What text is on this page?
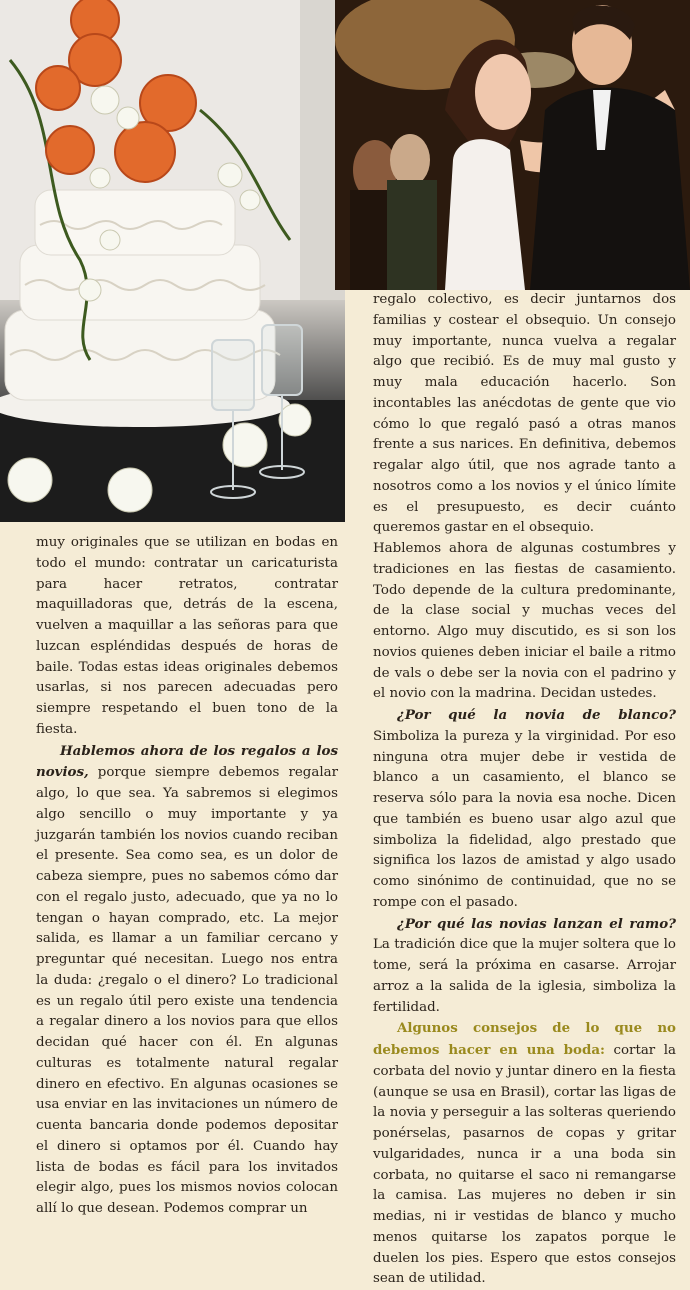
muy originales que se utilizan en bodas en todo el mundo: contratar un caricaturista para hacer retratos, contratar maquilladoras que, detrás de la escena, vuelven a maquillar a las señoras para que luzcan espléndidas después de horas de baile. Todas estas ideas originales debemos usarlas, si nos parecen adecuadas pero siempre respetando el buen tono de la fiesta.

Hablemos ahora de los regalos a los novios, porque siempre debemos regalar algo, lo que sea. Ya sabremos si elegimos algo sencillo o muy importante y ya juzgarán también los novios cuando reciban el presente. Sea como sea, es un dolor de cabeza siempre, pues no sabemos cómo dar con el regalo justo, adecuado, que ya no lo tengan o hayan comprado, etc. La mejor salida, es llamar a un familiar cercano y preguntar qué necesitan. Luego nos entra la duda: ¿regalo o el dinero? Lo tradicional es un regalo útil pero existe una tendencia a regalar dinero a los novios para que ellos decidan qué hacer con él. En algunas culturas es totalmente natural regalar dinero en efectivo. En algunas ocasiones se usa enviar en las invitaciones un número de cuenta bancaria donde podemos depositar el dinero si optamos por él. Cuando hay lista de bodas es fácil para los invitados elegir algo, pues los mismos novios colocan allí lo que desean. Podemos comprar un

regalo colectivo, es decir juntarnos dos familias y costear el obsequio. Un consejo muy importante, nunca vuelva a regalar algo que recibió. Es de muy mal gusto y muy mala educación hacerlo. Son incontables las anécdotas de gente que vio cómo lo que regaló pasó a otras manos frente a sus narices. En definitiva, debemos regalar algo útil, que nos agrade tanto a nosotros como a los novios y el único límite es el presupuesto, es decir cuánto queremos gastar en el obsequio.

Hablemos ahora de algunas costumbres y tradiciones en las fiestas de casamiento. Todo depende de la cultura predominante, de la clase social y muchas veces del entorno. Algo muy discutido, es si son los novios quienes deben iniciar el baile a ritmo de vals o debe ser la novia con el padrino y el novio con la madrina. Decidan ustedes.

¿Por qué la novia de blanco? Simboliza la pureza y la virginidad. Por eso ninguna otra mujer debe ir vestida de blanco a un casamiento, el blanco se reserva sólo para la novia esa noche. Dicen que también es bueno usar algo azul que simboliza la fidelidad, algo prestado que significa los lazos de amistad y algo usado como sinónimo de continuidad, que no se rompe con el pasado.

¿Por qué las novias lanzan el ramo? La tradición dice que la mujer soltera que lo tome, será la próxima en casarse. Arrojar arroz a la salida de la iglesia, simboliza la fertilidad.

Algunos consejos de lo que no debemos hacer en una boda: cortar la corbata del novio y juntar dinero en la fiesta (aunque se usa en Brasil), cortar las ligas de la novia y perseguir a las solteras queriendo ponérselas, pasarnos de copas y gritar vulgaridades, nunca ir a una boda sin corbata, no quitarse el saco ni remangarse la camisa. Las mujeres no deben ir sin medias, ni ir vestidas de blanco y mucho menos quitarse los zapatos porque le duelen los pies. Espero que estos consejos sean de utilidad.
